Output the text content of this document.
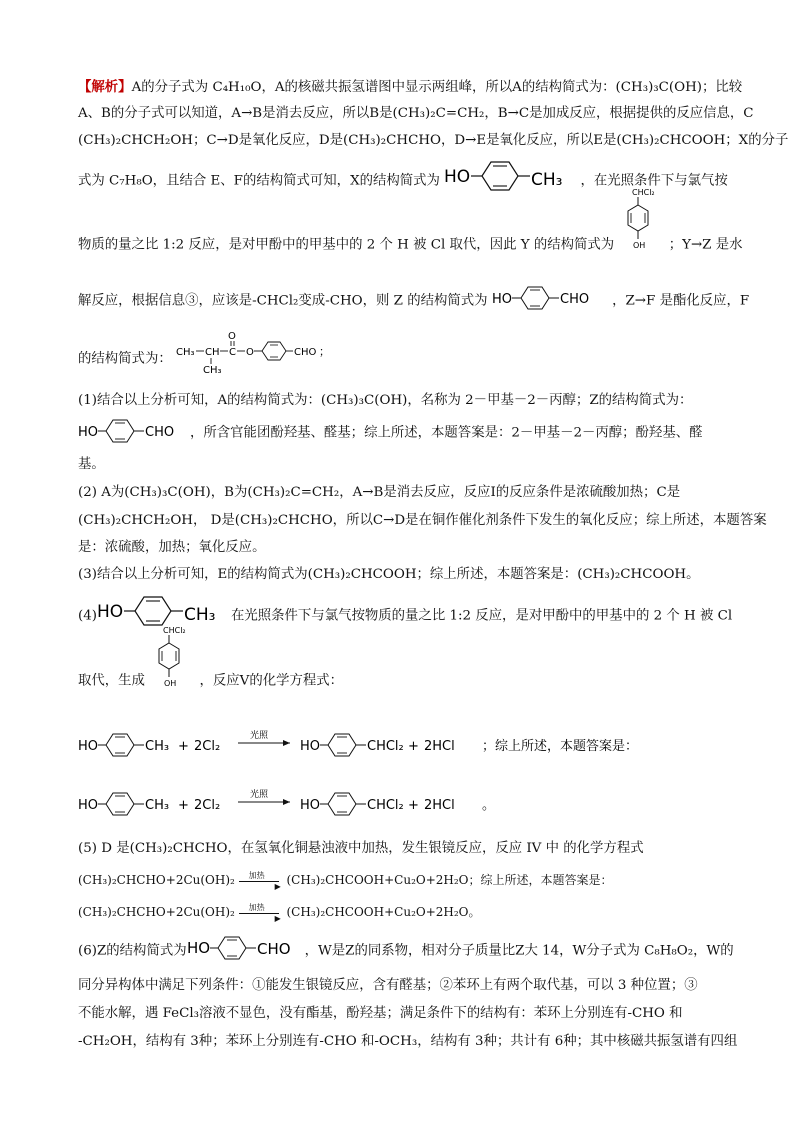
【解析】A的分子式为 C₄H₁₀O，A的核磁共振氢谱图中显示两组峰，所以A的结构简式为：(CH₃)₃C(OH)；比较
A、B的分子式可以知道，A→B是消去反应，所以B是(CH₃)₂C=CH₂，B→C是加成反应，根据提供的反应信息，C
(CH₃)₂CHCH₂OH；C→D是氧化反应，D是(CH₃)₂CHCHO，D→E是氧化反应，所以E是(CH₃)₂CHCOOH；X的分子
式为 C₇H₈O，且结合 E、F的结构简式可知，X的结构简式为 HO	CH₃ ，在光照条件下与氯气按
物质的量之比 1:2 反应，是对甲酚中的甲基中的 2 个 H 被 Cl 取代，因此 Y 的结构简式为
CHCl₂
OH ；Y→Z 是水
解反应，根据信息③，应该是-CHCl₂变成-CHO，则 Z 的结构简式为 HO	CHO ，Z→F 是酯化反应，F
的结构简式为： CH₃ CH
CH₃
C
O
O	CHO ；
(1)结合以上分析可知，A的结构简式为：(CH₃)₃C(OH)，名称为 2－甲基－2－丙醇；Z的结构简式为：
HO	CHO ，所含官能团酚羟基、醛基；综上所述，本题答案是：2－甲基－2－丙醇；酚羟基、醛
基。
(2) A为(CH₃)₃C(OH)，B为(CH₃)₂C=CH₂，A→B是消去反应，反应Ⅰ的反应条件是浓硫酸加热；C是
(CH₃)₂CHCH₂OH， D是(CH₃)₂CHCHO，所以C→D是在铜作催化剂条件下发生的氧化反应；综上所述，本题答案
是：浓硫酸，加热；氧化反应。
(3)结合以上分析可知，E的结构简式为(CH₃)₂CHCOOH；综上所述，本题答案是：(CH₃)₂CHCOOH。
(4) HO	CH₃ 在光照条件下与氯气按物质的量之比 1:2 反应，是对甲酚中的甲基中的 2 个 H 被 Cl
取代，生成
CHCl₂
OH ，反应Ⅴ的化学方程式：
HO	CH₃ + 2Cl₂
光照
HO	CHCl₂ + 2HCl ；综上所述，本题答案是：
HO	CH₃ + 2Cl₂
光照
HO	CHCl₂ + 2HCl 。
(5) D 是(CH₃)₂CHCHO，在氢氧化铜悬浊液中加热，发生银镜反应，反应 IV 中 的化学方程式
(CH₃)₂CHCHO+2Cu(OH)₂ 加热
▶ (CH₃)₂CHCOOH+Cu₂O+2H₂O；综上所述，本题答案是：
(CH₃)₂CHCHO+2Cu(OH)₂ 加热
▶ (CH₃)₂CHCOOH+Cu₂O+2H₂O。
(6)Z的结构简式为 HO	CHO ，W是Z的同系物，相对分子质量比Z大 14，W分子式为 C₈H₈O₂，W的
同分异构体中满足下列条件：①能发生银镜反应，含有醛基；②苯环上有两个取代基，可以 3 种位置；③
不能水解，遇 FeCl₃溶液不显色，没有酯基，酚羟基；满足条件下的结构有：苯环上分别连有-CHO 和
-CH₂OH，结构有 3种；苯环上分别连有-CHO 和-OCH₃，结构有 3种；共计有 6种；其中核磁共振氢谱有四组
